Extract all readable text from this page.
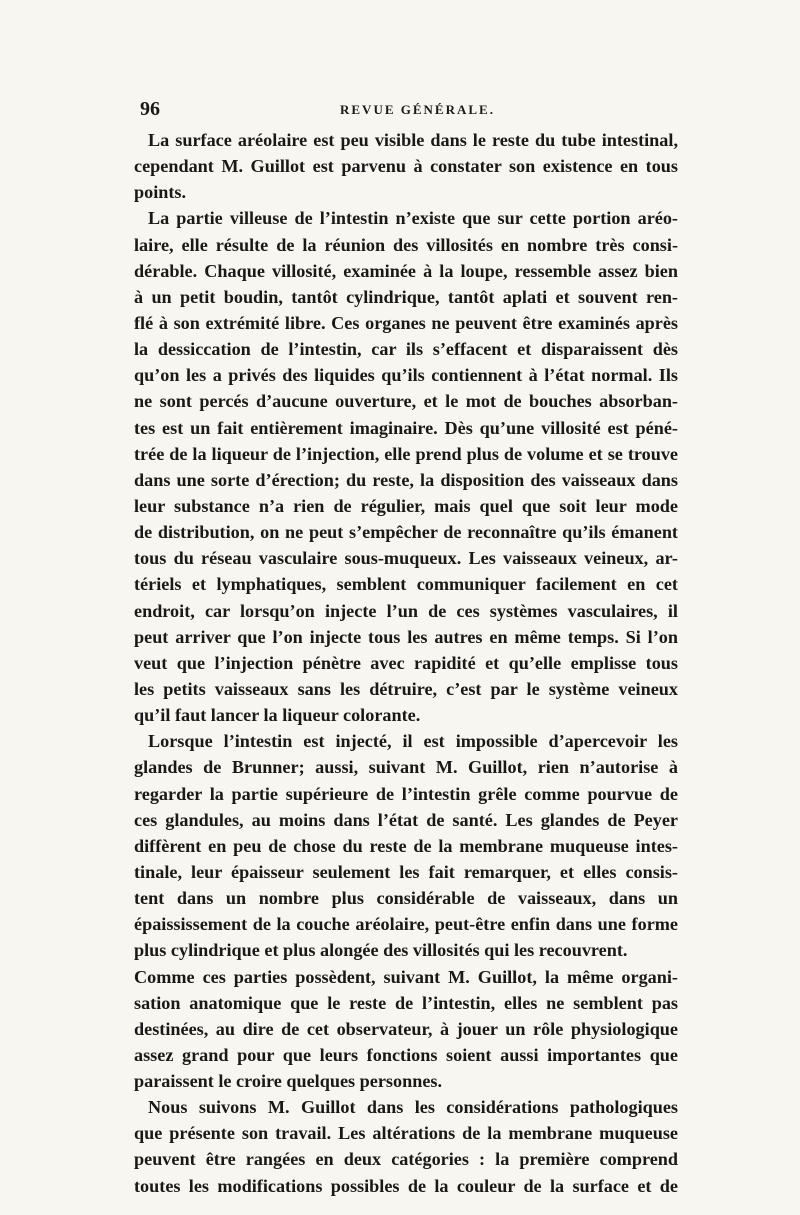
96	REVUE GÉNÉRALE.
La surface aréolaire est peu visible dans le reste du tube intestinal,
cependant M. Guillot est parvenu à constater son existence en tous
points.
La partie villeuse de l’intestin n’existe que sur cette portion aréo-
laire, elle résulte de la réunion des villosités en nombre très consi-
dérable. Chaque villosité, examinée à la loupe, ressemble assez bien
à un petit boudin, tantôt cylindrique, tantôt aplati et souvent ren-
flé à son extrémité libre. Ces organes ne peuvent être examinés après
la dessiccation de l’intestin, car ils s’effacent et disparaissent dès
qu’on les a privés des liquides qu’ils contiennent à l’état normal. Ils
ne sont percés d’aucune ouverture, et le mot de bouches absorban-
tes est un fait entièrement imaginaire. Dès qu’une villosité est péné-
trée de la liqueur de l’injection, elle prend plus de volume et se trouve
dans une sorte d’érection; du reste, la disposition des vaisseaux dans
leur substance n’a rien de régulier, mais quel que soit leur mode
de distribution, on ne peut s’empêcher de reconnaître qu’ils émanent
tous du réseau vasculaire sous-muqueux. Les vaisseaux veineux, ar-
tériels et lymphatiques, semblent communiquer facilement en cet
endroit, car lorsqu’on injecte l’un de ces systèmes vasculaires, il
peut arriver que l’on injecte tous les autres en même temps. Si l’on
veut que l’injection pénètre avec rapidité et qu’elle emplisse tous
les petits vaisseaux sans les détruire, c’est par le système veineux
qu’il faut lancer la liqueur colorante.
Lorsque l’intestin est injecté, il est impossible d’apercevoir les
glandes de Brunner; aussi, suivant M. Guillot, rien n’autorise à
regarder la partie supérieure de l’intestin grêle comme pourvue de
ces glandules, au moins dans l’état de santé. Les glandes de Peyer
diffèrent en peu de chose du reste de la membrane muqueuse intes-
tinale, leur épaisseur seulement les fait remarquer, et elles consis-
tent dans un nombre plus considérable de vaisseaux, dans un
épaississement de la couche aréolaire, peut-être enfin dans une forme
plus cylindrique et plus alongée des villosités qui les recouvrent.
Comme ces parties possèdent, suivant M. Guillot, la même organi-
sation anatomique que le reste de l’intestin, elles ne semblent pas
destinées, au dire de cet observateur, à jouer un rôle physiologique
assez grand pour que leurs fonctions soient aussi importantes que
paraissent le croire quelques personnes.
Nous suivons M. Guillot dans les considérations pathologiques
que présente son travail. Les altérations de la membrane muqueuse
peuvent être rangées en deux catégories : la première comprend
toutes les modifications possibles de la couleur de la surface et de
